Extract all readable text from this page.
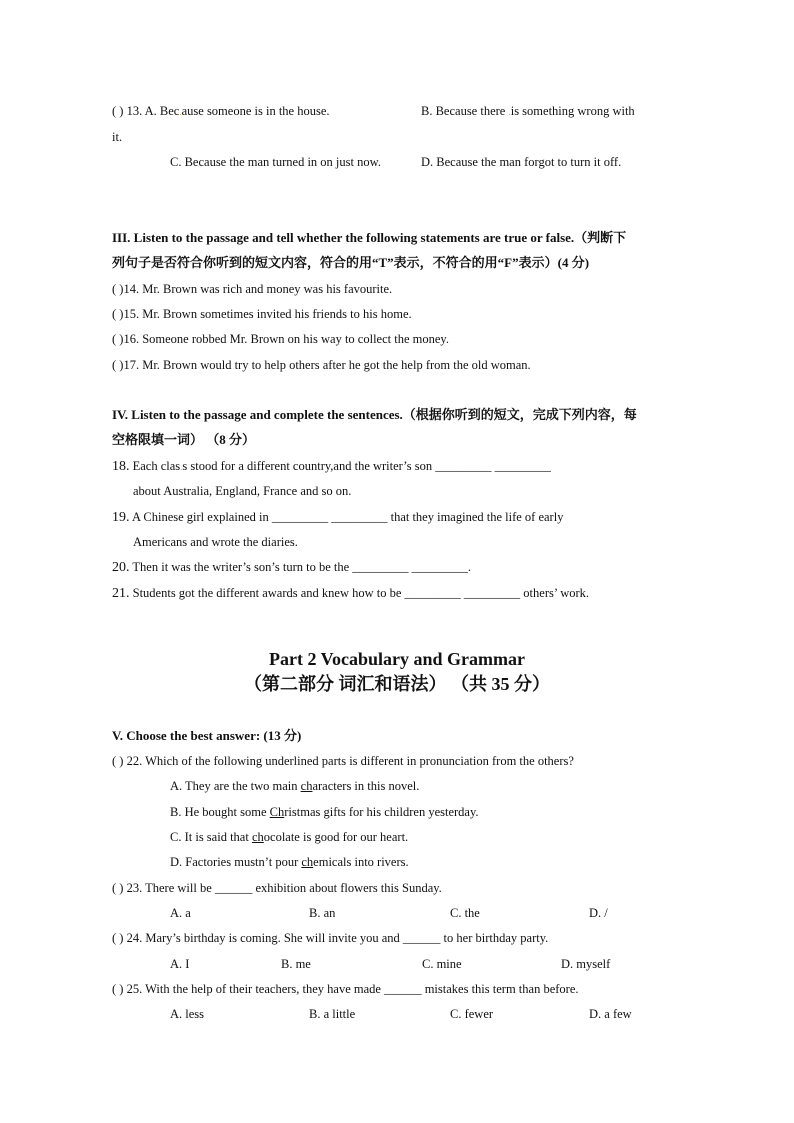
( ) 13. A. Bec.ause someone is in the house.	B. Because there .is something wrong with
it.
C. Because the man turned in on just now.	D. Because the man forgot to turn it off.
III. Listen to the passage and tell whether the following statements are true or false.（判断下
列句子是否符合你听到的短文内容，符合的用“T”表示，不符合的用“F”表示）(4 分)
( )14. Mr. Brown was rich and money was his favourite.
( )15. Mr. Brown sometimes invited his friends to his home.
( )16. Someone robbed Mr. Brown on his way to collect the money.
( )17. Mr. Brown would try to help others after he got the help from the old woman.
IV. Listen to the passage and complete the sentences.（根据你听到的短文，完成下列内容，每
空格限填一词） （8 分）
18. Each clas.s stood for a different country,and the writer’s son _________ _________
about Australia, England, France and so on.
19. A Chinese girl explained in _________ _________ that they imagined the life of early
Americans and wrote the diaries.
20. Then it was the writer’s son’s turn to be the _________ _________.
21. Students got the different awards and knew how to be _________ _________ others’ work.
Part 2 Vocabulary and Grammar
（第二部分 词汇和语法） （共 35 分）
V. Choose the best answer: (13 分)
( ) 22. Which of the following underlined parts is different in pronunciation from the others?
A. They are the two main characters in this novel.
B. He bought some Christmas gifts for his children yesterday.
C. It is said that chocolate is good for our heart.
D. Factories mustn’t pour chemicals into rivers.
( ) 23. There will be ______ exhibition about flowers this Sunday.
A. a	B. an	C. the	D. /
( ) 24. Mary’s birthday is coming. She will invite you and ______ to her birthday party.
A. I	B. me	C. mine	D. myself
( ) 25. With the help of their teachers, they have made ______ mistakes this term than before.
A. less	B. a little	C. fewer	D. a few
